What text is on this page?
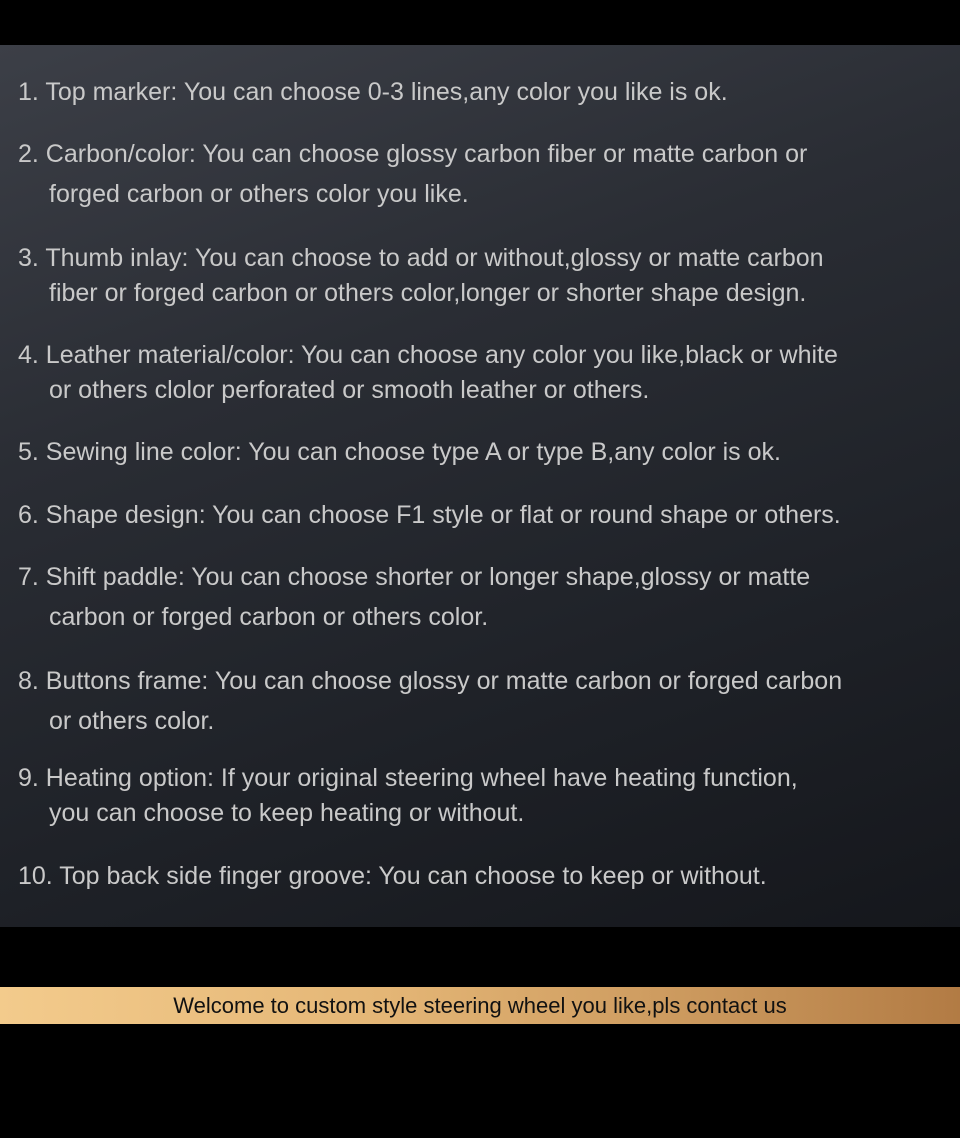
1. Top marker: You can choose 0-3 lines,any color you like is ok.
2. Carbon/color: You can choose glossy carbon fiber or matte carbon or
forged carbon or others color you like.
3. Thumb inlay: You can choose to add or without,glossy or matte carbon
fiber or forged carbon or others color,longer or shorter shape design.
4. Leather material/color: You can choose any color you like,black or white
or others clolor perforated or smooth leather or others.
5. Sewing line color: You can choose type A or type B,any color is ok.
6. Shape design: You can choose F1 style or flat or round shape or others.
7. Shift paddle: You can choose shorter or longer shape,glossy or matte
carbon or forged carbon or others color.
8. Buttons frame: You can choose glossy or matte carbon or forged carbon
or others color.
9. Heating option: If your original steering wheel have heating function,
you can choose to keep heating or without.
10. Top back side finger groove: You can choose to keep or without.
Welcome to custom style steering wheel you like,pls contact us
